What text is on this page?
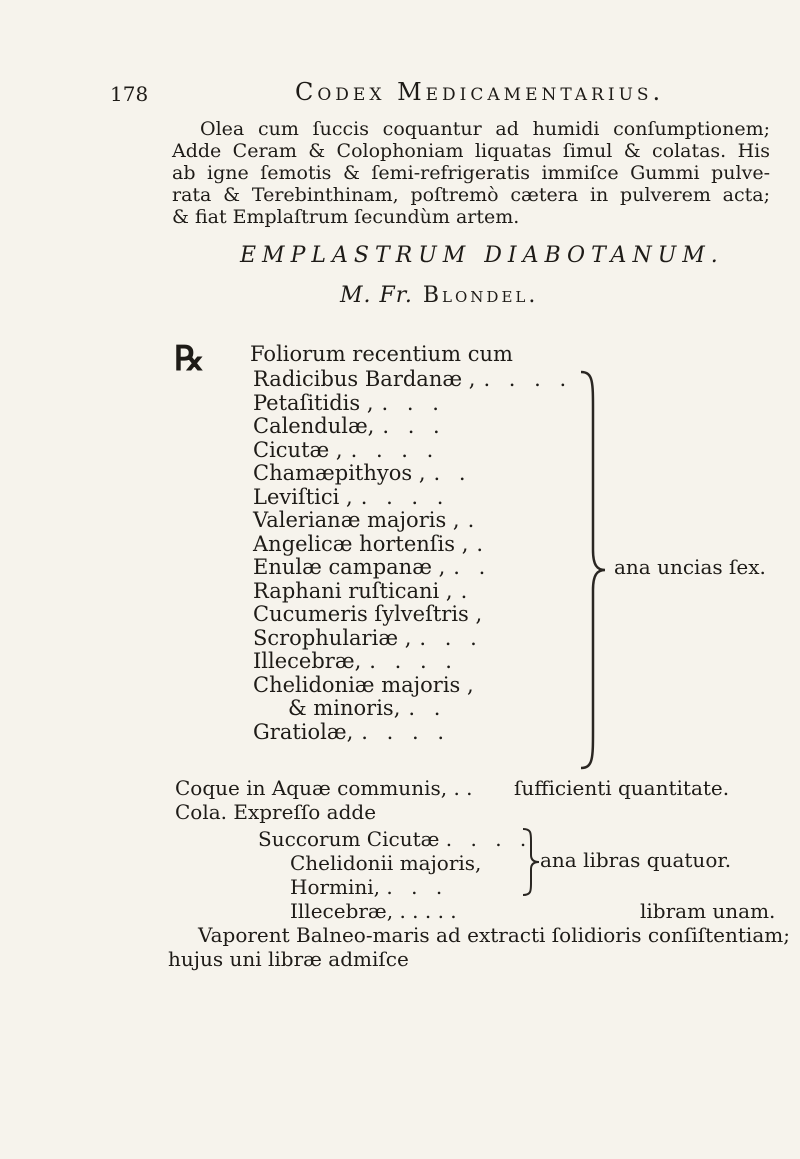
178	Codex Medicamentarius.
Olea cum ſuccis coquantur ad humidi conſumptionem;
Adde Ceram & Colophoniam liquatas ſimul & colatas. His
ab igne ſemotis & ſemi-refrigeratis immiſce Gummi pulve-
rata & Terebinthinam, poſtremò cætera in pulverem acta;
& fiat Emplaſtrum ſecundùm artem.
EMPLASTRUM DIABOTANUM.
M. Fr. Blondel.
℞ Foliorum recentium cum
Radicibus Bardanæ , . . . .
Petaſitidis , . . .
Calendulæ, . . .
Cicutæ , . . . .
Chamæpithyos , . .
Leviſtici , . . . .
Valerianæ majoris , .
Angelicæ hortenſis , .
Enulæ campanæ , . .
Raphani ruſticani , .
Cucumeris ſylveſtris ,
Scrophulariæ , . . .
Illecebræ, . . . .
Chelidoniæ majoris ,
& minoris, . .
Gratiolæ, . . . .
ana uncias ſex.
Coque in Aquæ communis, . . ſufficienti quantitate.
Cola. Expreſſo adde
Succorum Cicutæ . . . .
Chelidonii majoris,
Hormini, . . .
ana libras quatuor.
Illecebræ, . . . . .	libram unam.
Vaporent Balneo-maris ad extracti ſolidioris conſiſtentiam;
hujus uni libræ admiſce
